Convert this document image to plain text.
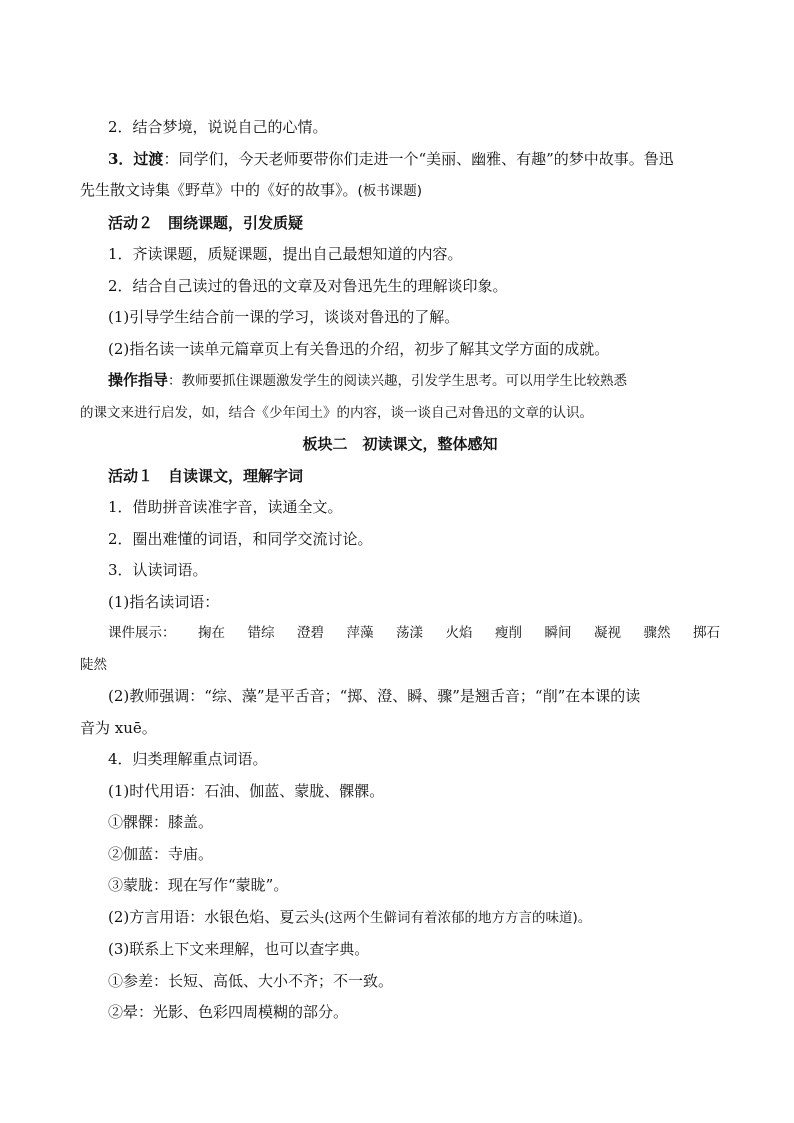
2．结合梦境，说说自己的心情。
3．过渡：同学们，今天老师要带你们走进一个“美丽、幽雅、有趣”的梦中故事。鲁迅
先生散文诗集《野草》中的《好的故事》。(板书课题)
活动２　围绕课题，引发质疑
1．齐读课题，质疑课题，提出自己最想知道的内容。
2．结合自己读过的鲁迅的文章及对鲁迅先生的理解谈印象。
(1)引导学生结合前一课的学习，谈谈对鲁迅的了解。
(2)指名读一读单元篇章页上有关鲁迅的介绍，初步了解其文学方面的成就。
操作指导：教师要抓住课题激发学生的阅读兴趣，引发学生思考。可以用学生比较熟悉
的课文来进行启发，如，结合《少年闰土》的内容，谈一谈自己对鲁迅的文章的认识。
板块二　初读课文，整体感知
活动１　自读课文，理解字词
1．借助拼音读准字音，读通全文。
2．圈出难懂的词语，和同学交流讨论。
3．认读词语。
(1)指名读词语：
课件展示： 掬在 错综 澄碧 萍藻 荡漾 火焰 瘦削 瞬间 凝视 骤然 掷石
陡然
(2)教师强调：“综、藻”是平舌音；“掷、澄、瞬、骤”是翘舌音；“削”在本课的读
音为 xuē。
4．归类理解重点词语。
(1)时代用语：石油、伽蓝、蒙胧、髁髁。
①髁髁：膝盖。
②伽蓝：寺庙。
③蒙胧：现在写作“蒙眬”。
(2)方言用语：水银色焰、夏云头(这两个生僻词有着浓郁的地方方言的味道)。
(3)联系上下文来理解，也可以查字典。
①参差：长短、高低、大小不齐；不一致。
②晕：光影、色彩四周模糊的部分。
